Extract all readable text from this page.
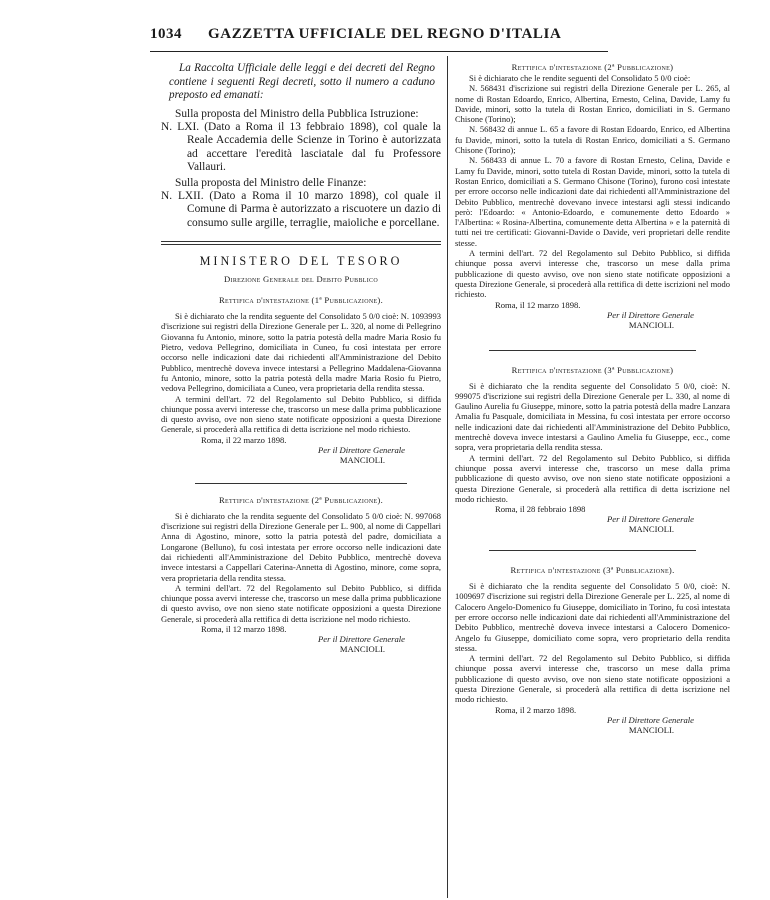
1034 GAZZETTA UFFICIALE DEL REGNO D'ITALIA

La Raccolta Ufficiale delle leggi e dei decreti del Regno contiene i seguenti Regi decreti, sotto il numero a caduno preposto ed emanati:

Sulla proposta del Ministro della Pubblica Istruzione:

N. LXI. (Dato a Roma il 13 febbraio 1898), col quale la Reale Accademia delle Scienze in Torino è autorizzata ad accettare l'eredità lasciatale dal fu Professore Vallauri.

Sulla proposta del Ministro delle Finanze:

N. LXII. (Dato a Roma il 10 marzo 1898), col quale il Comune di Parma è autorizzato a riscuotere un dazio di consumo sulle argille, terraglie, maioliche e porcellane.

MINISTERO DEL TESORO

Direzione Generale del Debito Pubblico

Rettifica d'intestazione (1ª Pubblicazione).

Si è dichiarato che la rendita seguente del Consolidato 5 0/0 cioè: N. 1093993 d'iscrizione sui registri della Direzione Generale per L. 320, al nome di Pellegrino Giovanna fu Antonio, minore, sotto la patria potestà della madre Maria Rosio fu Pietro, vedova Pellegrino, domiciliata in Cuneo, fu così intestata per errore occorso nelle indicazioni date dai richiedenti all'Amministrazione del Debito Pubblico, mentrechè doveva invece intestarsi a Pellegrino Maddalena-Giovanna fu Antonio, minore, sotto la patria potestà della madre Maria Rosio fu Pietro, vedova Pellegrino, domiciliata a Cuneo, vera proprietaria della rendita stessa.

A termini dell'art. 72 del Regolamento sul Debito Pubblico, si diffida chiunque possa avervi interesse che, trascorso un mese dalla prima pubblicazione di questo avviso, ove non sieno state notificate opposizioni a questa Direzione Generale, si procederà alla rettifica di detta iscrizione nel modo richiesto.

Roma, il 22 marzo 1898.

Per il Direttore Generale

MANCIOLI.

Rettifica d'intestazione (2ª Pubblicazione).

Si è dichiarato che la rendita seguente del Consolidato 5 0/0 cioè: N. 997068 d'iscrizione sui registri della Direzione Generale per L. 900, al nome di Cappellari Anna di Agostino, minore, sotto la patria potestà del padre, domiciliata a Longarone (Belluno), fu così intestata per errore occorso nelle indicazioni date dai richiedenti all'Amministrazione del Debito Pubblico, mentrechè doveva invece intestarsi a Cappellari Caterina-Annetta di Agostino, minore, come sopra, vera proprietaria della rendita stessa.

A termini dell'art. 72 del Regolamento sul Debito Pubblico, si diffida chiunque possa avervi interesse che, trascorso un mese dalla prima pubblicazione di questo avviso, ove non sieno state notificate opposizioni a questa Direzione Generale, si procederà alla rettifica di detta iscrizione nel modo richiesto.

Roma, il 12 marzo 1898.

Per il Direttore Generale

MANCIOLI.

Rettifica d'intestazione (2ª Pubblicazione)

Si è dichiarato che le rendite seguenti del Consolidato 5 0/0 cioè:

N. 568431 d'iscrizione sui registri della Direzione Generale per L. 265, al nome di Rostan Edoardo, Enrico, Albertina, Ernesto, Celina, Davide, Lamy fu Davide, minori, sotto la tutela di Rostan Enrico, domiciliati in S. Germano Chisone (Torino);

N. 568432 di annue L. 65 a favore di Rostan Edoardo, Enrico, ed Albertina fu Davide, minori, sotto la tutela di Rostan Enrico, domiciliati a S. Germano Chisone (Torino);

N. 568433 di annue L. 70 a favore di Rostan Ernesto, Celina, Davide e Lamy fu Davide, minori, sotto tutela di Rostan Davide, minori, sotto la tutela di Rostan Enrico, domiciliati a S. Germano Chisone (Torino), furono così intestate per errore occorso nelle indicazioni date dai richiedenti all'Amministrazione del Debito Pubblico, mentrechè dovevano invece intestarsi agli stessi indicando però: l'Edoardo: « Antonio-Edoardo, e comunemente detto Edoardo » l'Albertina: « Rosina-Albertina, comunemente detta Albertina » e la paternità di tutti nei tre certificati: Giovanni-Davide o Davide, veri proprietari delle rendite stesse.

A termini dell'art. 72 del Regolamento sul Debito Pubblico, si diffida chiunque possa avervi interesse che, trascorso un mese dalla prima pubblicazione di questo avviso, ove non sieno state notificate opposizioni a questa Direzione Generale, si procederà alla rettifica di dette iscrizioni nel modo richiesto.

Roma, il 12 marzo 1898.

Per il Direttore Generale

MANCIOLI.

Rettifica d'intestazione (3ª Pubblicazione)

Si è dichiarato che la rendita seguente del Consolidato 5 0/0, cioè: N. 999075 d'iscrizione sui registri della Direzione Generale per L. 330, al nome di Gaulino Aurelia fu Giuseppe, minore, sotto la patria potestà della madre Lanzara Amalia fu Pasquale, domiciliata in Messina, fu così intestata per errore occorso nelle indicazioni date dai richiedenti all'Amministrazione del Debito Pubblico, mentrechè doveva invece intestarsi a Gaulino Amelia fu Giuseppe, ecc., come sopra, vera proprietaria della rendita stessa.

A termini dell'art. 72 del Regolamento sul Debito Pubblico, si diffida chiunque possa avervi interesse che, trascorso un mese dalla prima pubblicazione di questo avviso, ove non sieno state notificate opposizioni a questa Direzione Generale, si procederà alla rettifica di detta iscrizione nel modo richiesto.

Roma, il 28 febbraio 1898

Per il Direttore Generale

MANCIOLI.

Rettifica d'intestazione (3ª Pubblicazione).

Si è dichiarato che la rendita seguente del Consolidato 5 0/0, cioè: N. 1009697 d'iscrizione sui registri della Direzione Generale per L. 225, al nome di Calocero Angelo-Domenico fu Giuseppe, domiciliato in Torino, fu così intestata per errore occorso nelle indicazioni date dai richiedenti all'Amministrazione del Debito Pubblico, mentrechè doveva invece intestarsi a Calocero Domenico-Angelo fu Giuseppe, domiciliato come sopra, vero proprietario della rendita stessa.

A termini dell'art. 72 del Regolamento sul Debito Pubblico, si diffida chiunque possa avervi interesse che, trascorso un mese dalla prima pubblicazione di questo avviso, ove non sieno state notificate opposizioni a questa Direzione Generale, si procederà alla rettifica di detta iscrizione nel modo richiesto.

Roma, il 2 marzo 1898.

Per il Direttore Generale

MANCIOLI.
